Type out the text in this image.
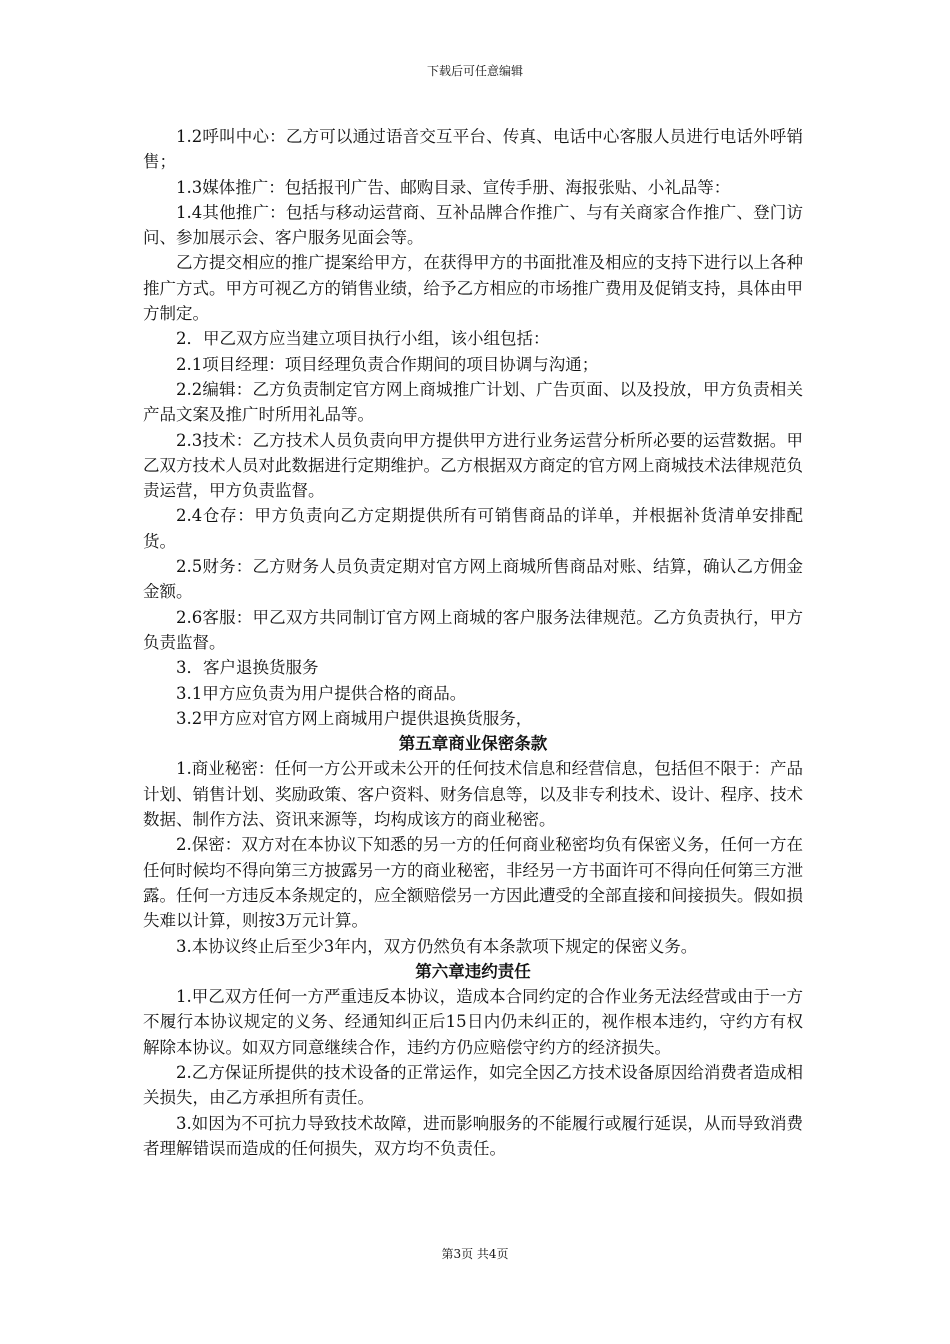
下载后可任意编辑

1.2呼叫中心：乙方可以通过语音交互平台、传真、电话中心客服人员进行电话外呼销售；

1.3媒体推广：包括报刊广告、邮购目录、宣传手册、海报张贴、小礼品等：

1.4其他推广：包括与移动运营商、互补品牌合作推广、与有关商家合作推广、登门访问、参加展示会、客户服务见面会等。

乙方提交相应的推广提案给甲方，在获得甲方的书面批准及相应的支持下进行以上各种推广方式。甲方可视乙方的销售业绩，给予乙方相应的市场推广费用及促销支持，具体由甲方制定。

2．甲乙双方应当建立项目执行小组，该小组包括：

2.1项目经理：项目经理负责合作期间的项目协调与沟通；

2.2编辑：乙方负责制定官方网上商城推广计划、广告页面、以及投放，甲方负责相关产品文案及推广时所用礼品等。

2.3技术：乙方技术人员负责向甲方提供甲方进行业务运营分析所必要的运营数据。甲乙双方技术人员对此数据进行定期维护。乙方根据双方商定的官方网上商城技术法律规范负责运营，甲方负责监督。

2.4仓存：甲方负责向乙方定期提供所有可销售商品的详单，并根据补货清单安排配货。

2.5财务：乙方财务人员负责定期对官方网上商城所售商品对账、结算，确认乙方佣金金额。

2.6客服：甲乙双方共同制订官方网上商城的客户服务法律规范。乙方负责执行，甲方负责监督。

3．客户退换货服务

3.1甲方应负责为用户提供合格的商品。

3.2甲方应对官方网上商城用户提供退换货服务，

第五章商业保密条款

1.商业秘密：任何一方公开或未公开的任何技术信息和经营信息，包括但不限于：产品计划、销售计划、奖励政策、客户资料、财务信息等，以及非专利技术、设计、程序、技术数据、制作方法、资讯来源等，均构成该方的商业秘密。

2.保密：双方对在本协议下知悉的另一方的任何商业秘密均负有保密义务，任何一方在任何时候均不得向第三方披露另一方的商业秘密，非经另一方书面许可不得向任何第三方泄露。任何一方违反本条规定的，应全额赔偿另一方因此遭受的全部直接和间接损失。假如损失难以计算，则按3万元计算。

3.本协议终止后至少3年内，双方仍然负有本条款项下规定的保密义务。

第六章违约责任

1.甲乙双方任何一方严重违反本协议，造成本合同约定的合作业务无法经营或由于一方不履行本协议规定的义务、经通知纠正后15日内仍未纠正的，视作根本违约，守约方有权解除本协议。如双方同意继续合作，违约方仍应赔偿守约方的经济损失。

2.乙方保证所提供的技术设备的正常运作，如完全因乙方技术设备原因给消费者造成相关损失，由乙方承担所有责任。

3.如因为不可抗力导致技术故障，进而影响服务的不能履行或履行延误，从而导致消费者理解错误而造成的任何损失，双方均不负责任。

第3页 共4页
